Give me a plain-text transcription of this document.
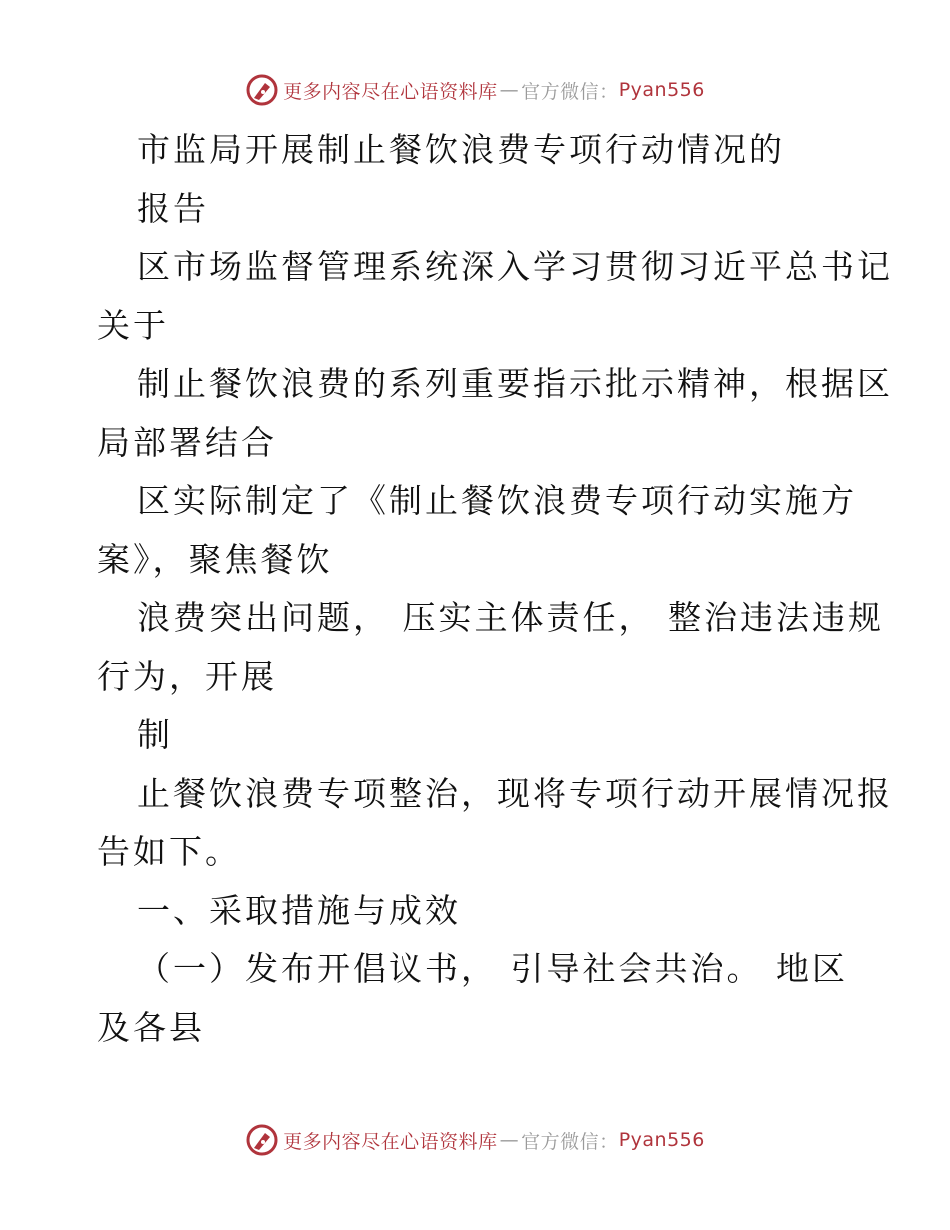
更多内容尽在心语资料库 — 官方微信： Pyan556
市监局开展制止餐饮浪费专项行动情况的
报告
区市场监督管理系统深入学习贯彻习近平总书记
关于
制止餐饮浪费的系列重要指示批示精神，根据区
局部署结合
区实际制定了《制止餐饮浪费专项行动实施方
案》，聚焦餐饮
浪费突出问题， 压实主体责任， 整治违法违规
行为，开展
制
止餐饮浪费专项整治，现将专项行动开展情况报
告如下。
一、采取措施与成效
（一）发布开倡议书， 引导社会共治。 地区
及各县
更多内容尽在心语资料库 — 官方微信： Pyan556
